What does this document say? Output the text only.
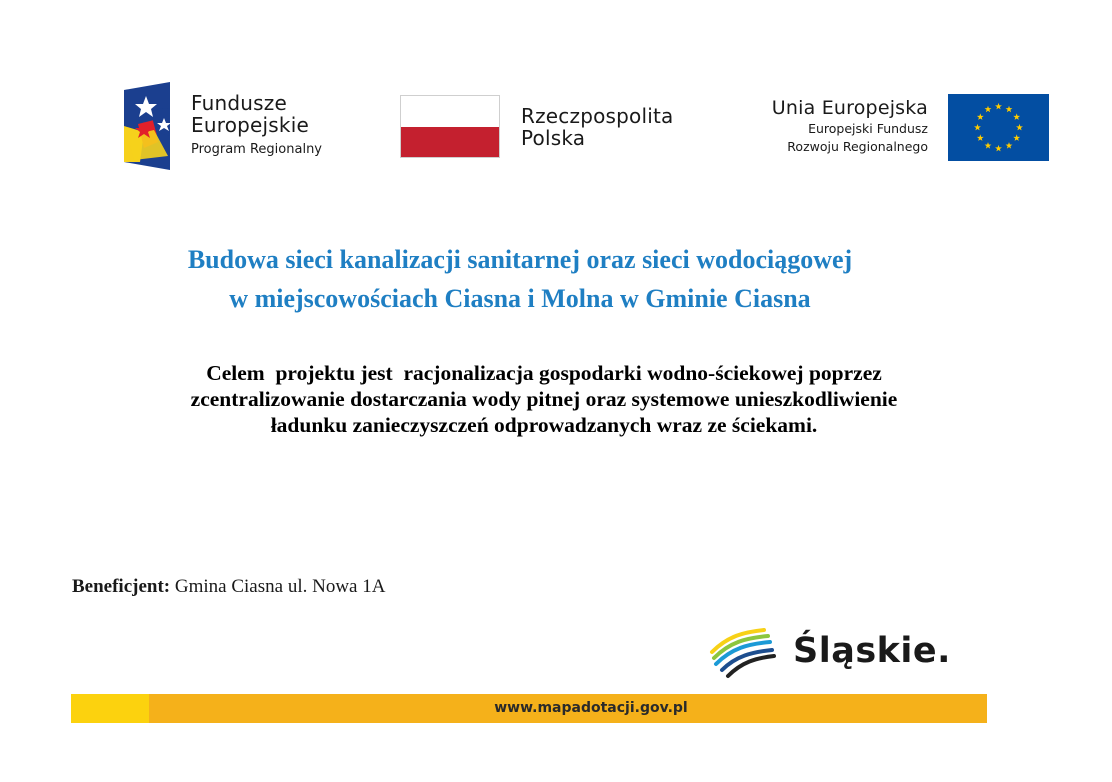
Fundusze
Europejskie
Program Regionalny
Rzeczpospolita
Polska
Unia Europejska
Europejski Fundusz
Rozwoju Regionalnego
Budowa sieci kanalizacji sanitarnej oraz sieci wodociągowej
w miejscowościach Ciasna i Molna w Gminie Ciasna
Celem  projektu jest  racjonalizacja gospodarki wodno-ściekowej poprzez
zcentralizowanie dostarczania wody pitnej oraz systemowe unieszkodliwienie
ładunku zanieczyszczeń odprowadzanych wraz ze ściekami.
Beneficjent: Gmina Ciasna ul. Nowa 1A
Śląskie.
www.mapadotacji.gov.pl
